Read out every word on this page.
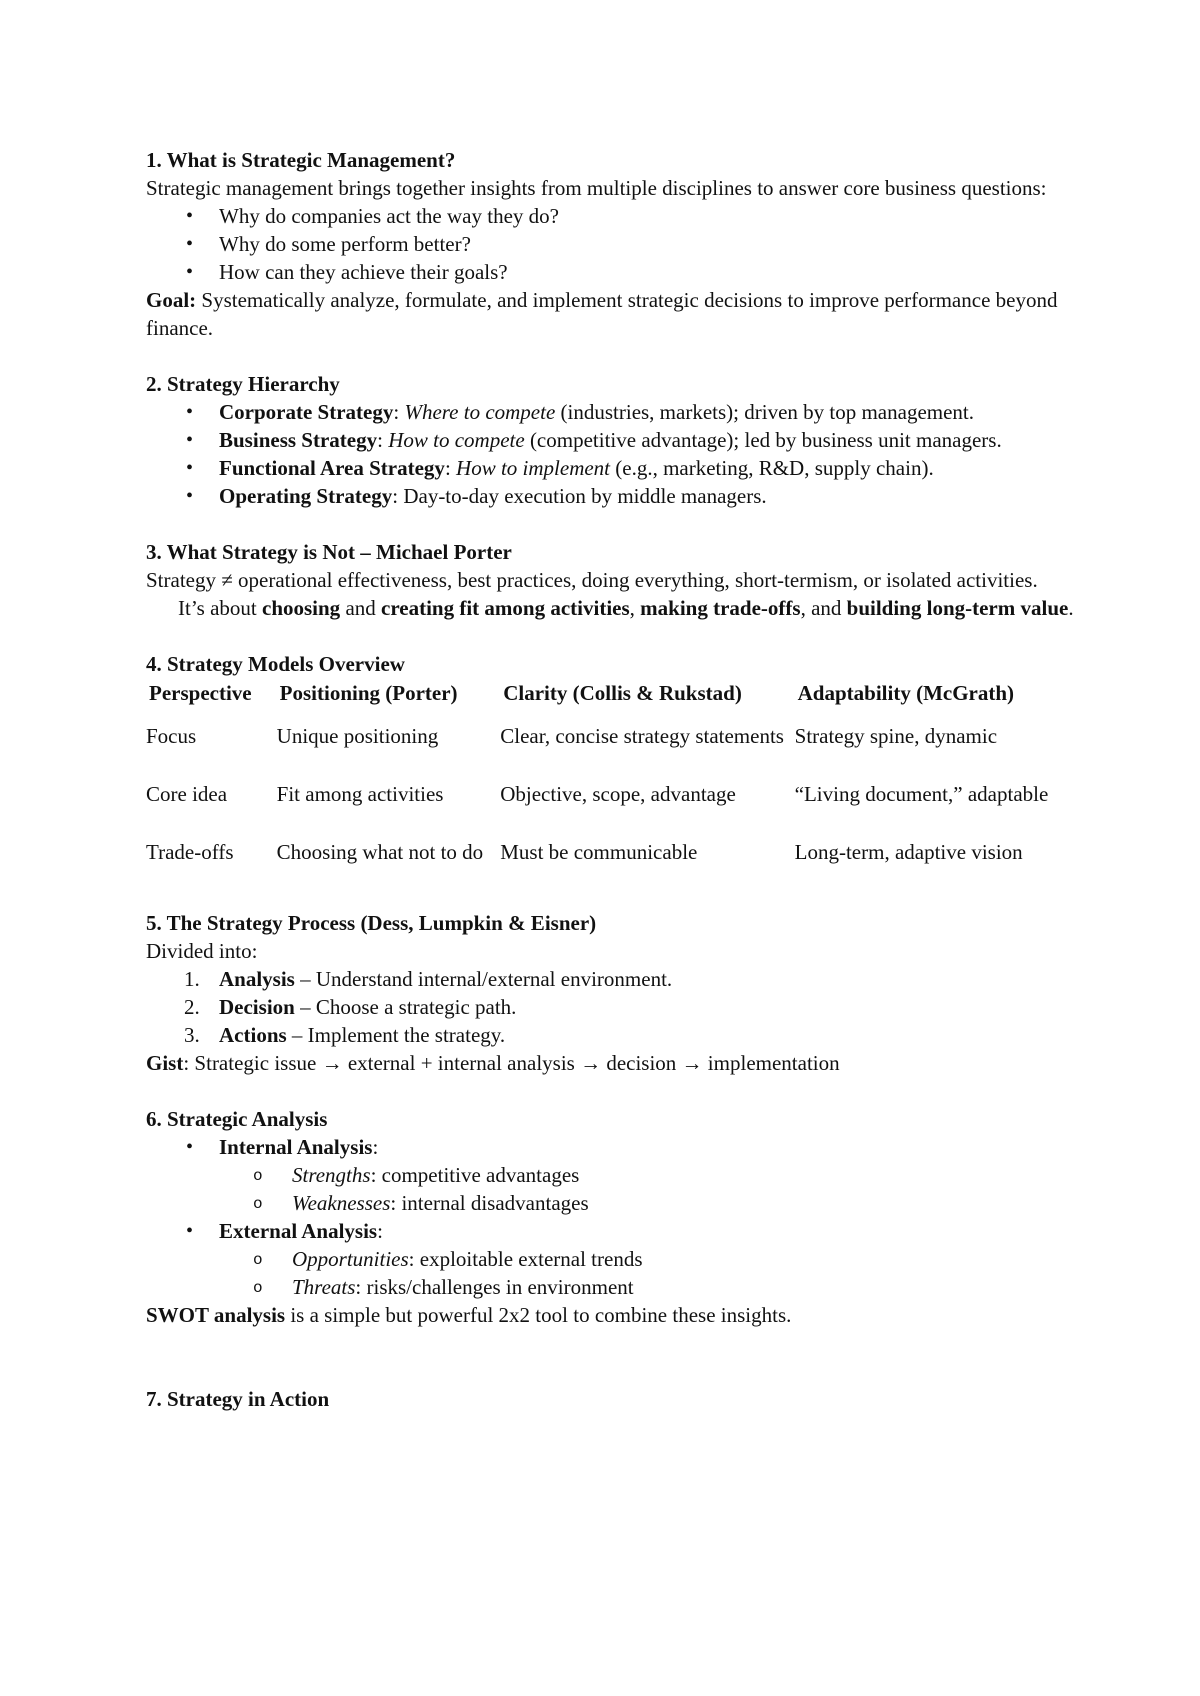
1. What is Strategic Management?
Strategic management brings together insights from multiple disciplines to answer core business questions:
• Why do companies act the way they do?
• Why do some perform better?
• How can they achieve their goals?
Goal: Systematically analyze, formulate, and implement strategic decisions to improve performance beyond finance.
2. Strategy Hierarchy
• Corporate Strategy: Where to compete (industries, markets); driven by top management.
• Business Strategy: How to compete (competitive advantage); led by business unit managers.
• Functional Area Strategy: How to implement (e.g., marketing, R&D, supply chain).
• Operating Strategy: Day-to-day execution by middle managers.
3. What Strategy is Not – Michael Porter
Strategy ≠ operational effectiveness, best practices, doing everything, short-termism, or isolated activities.
It’s about choosing and creating fit among activities, making trade-offs, and building long-term value.
4. Strategy Models Overview
Perspective	Positioning (Porter)	Clarity (Collis & Rukstad)	Adaptability (McGrath)
Focus	Unique positioning	Clear, concise strategy statements	Strategy spine, dynamic
Core idea	Fit among activities	Objective, scope, advantage	“Living document,” adaptable
Trade-offs	Choosing what not to do	Must be communicable	Long-term, adaptive vision
5. The Strategy Process (Dess, Lumpkin & Eisner)
Divided into:
1. Analysis – Understand internal/external environment.
2. Decision – Choose a strategic path.
3. Actions – Implement the strategy.
Gist: Strategic issue → external + internal analysis → decision → implementation
6. Strategic Analysis
• Internal Analysis:
o Strengths: competitive advantages
o Weaknesses: internal disadvantages
• External Analysis:
o Opportunities: exploitable external trends
o Threats: risks/challenges in environment
SWOT analysis is a simple but powerful 2x2 tool to combine these insights.
7. Strategy in Action
